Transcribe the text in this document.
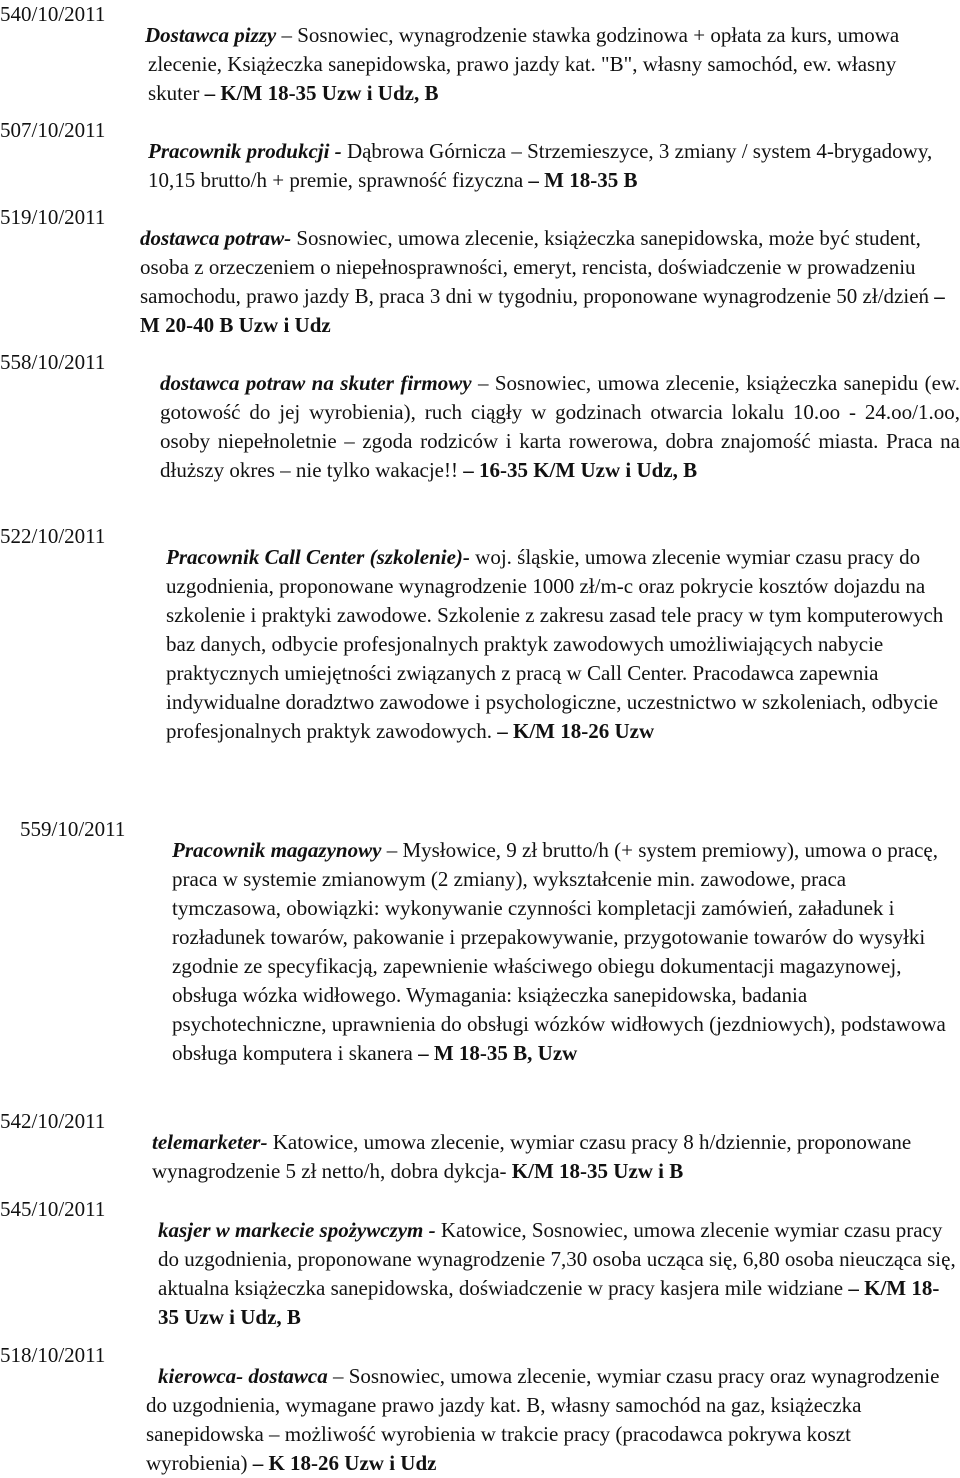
540/10/2011

Dostawca pizzy – Sosnowiec, wynagrodzenie stawka godzinowa + opłata za kurs, umowa zlecenie, Książeczka sanepidowska, prawo jazdy kat. "B", własny samochód, ew. własny skuter – K/M 18-35 Uzw i Udz, B

507/10/2011

Pracownik produkcji - Dąbrowa Górnicza – Strzemieszyce, 3 zmiany / system 4-brygadowy, 10,15 brutto/h + premie, sprawność fizyczna – M 18-35 B

519/10/2011

dostawca potraw- Sosnowiec, umowa zlecenie, książeczka sanepidowska, może być student, osoba z orzeczeniem o niepełnosprawności, emeryt, rencista, doświadczenie w prowadzeniu samochodu, prawo jazdy B, praca 3 dni w tygodniu, proponowane wynagrodzenie 50 zł/dzień – M 20-40 B Uzw i Udz

558/10/2011

dostawca potraw na skuter firmowy – Sosnowiec, umowa zlecenie, książeczka sanepidu (ew. gotowość do jej wyrobienia), ruch ciągły w godzinach otwarcia lokalu 10.oo - 24.oo/1.oo, osoby niepełnoletnie – zgoda rodziców i karta rowerowa, dobra znajomość miasta. Praca na dłuższy okres – nie tylko wakacje!! – 16-35 K/M Uzw i Udz, B

522/10/2011

Pracownik Call Center (szkolenie)- woj. śląskie, umowa zlecenie wymiar czasu pracy do uzgodnienia, proponowane wynagrodzenie 1000 zł/m-c oraz pokrycie kosztów dojazdu na szkolenie i praktyki zawodowe. Szkolenie z zakresu zasad tele pracy w tym komputerowych baz danych, odbycie profesjonalnych praktyk zawodowych umożliwiających nabycie praktycznych umiejętności związanych z pracą w Call Center. Pracodawca zapewnia indywidualne doradztwo zawodowe i psychologiczne, uczestnictwo w szkoleniach, odbycie profesjonalnych praktyk zawodowych. – K/M 18-26 Uzw

559/10/2011

Pracownik magazynowy – Mysłowice, 9 zł brutto/h (+ system premiowy), umowa o pracę, praca w systemie zmianowym (2 zmiany), wykształcenie min. zawodowe, praca tymczasowa, obowiązki: wykonywanie czynności kompletacji zamówień, załadunek i rozładunek towarów, pakowanie i przepakowywanie, przygotowanie towarów do wysyłki zgodnie ze specyfikacją, zapewnienie właściwego obiegu dokumentacji magazynowej, obsługa wózka widłowego. Wymagania: książeczka sanepidowska, badania psychotechniczne, uprawnienia do obsługi wózków widłowych (jezdniowych), podstawowa obsługa komputera i skanera – M 18-35 B, Uzw

542/10/2011

telemarketer- Katowice, umowa zlecenie, wymiar czasu pracy 8 h/dziennie, proponowane wynagrodzenie 5 zł netto/h, dobra dykcja- K/M 18-35 Uzw i B

545/10/2011

kasjer w markecie spożywczym - Katowice, Sosnowiec, umowa zlecenie wymiar czasu pracy do uzgodnienia, proponowane wynagrodzenie 7,30 osoba ucząca się, 6,80 osoba nieucząca się, aktualna książeczka sanepidowska, doświadczenie w pracy kasjera mile widziane – K/M 18-35 Uzw i Udz, B

518/10/2011

kierowca- dostawca – Sosnowiec, umowa zlecenie, wymiar czasu pracy oraz wynagrodzenie do uzgodnienia, wymagane prawo jazdy kat. B, własny samochód na gaz, książeczka sanepidowska – możliwość wyrobienia w trakcie pracy (pracodawca pokrywa koszt wyrobienia) – K 18-26 Uzw i Udz
